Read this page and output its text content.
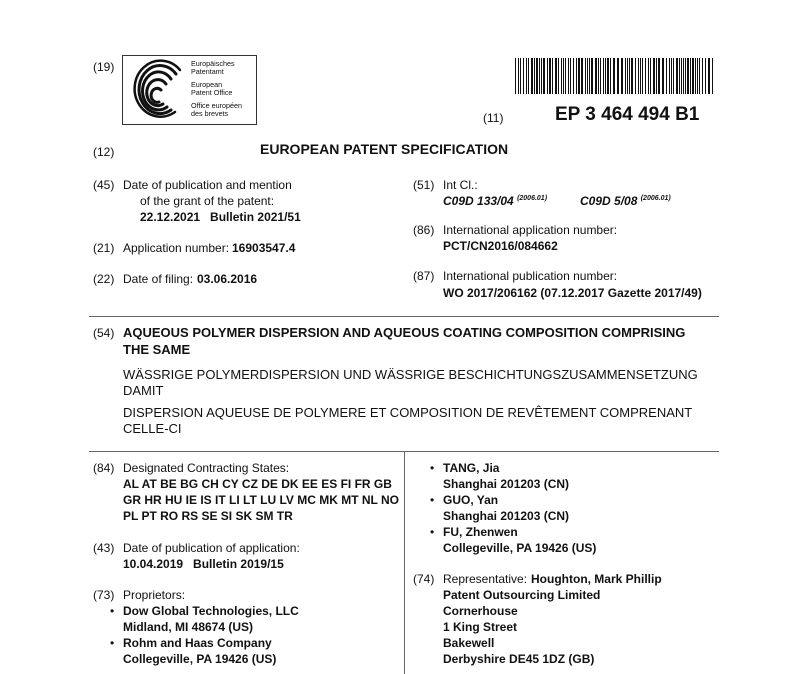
(19)	Europäisches
Patentamt
European
Patent Office
Office européen
des brevets	(11)	EP 3 464 494 B1
(12)	EUROPEAN PATENT SPECIFICATION
(45) Date of publication and mention
of the grant of the patent:
22.12.2021   Bulletin 2021/51
(21) Application number: 16903547.4
(22) Date of filing: 03.06.2016
(51) Int Cl.:
C09D 133/04 $^{(2006.01)}$	C09D 5/08 $^{(2006.01)}$
(86) International application number:
PCT/CN2016/084662
(87) International publication number:
WO 2017/206162 (07.12.2017 Gazette 2017/49)
(54) AQUEOUS POLYMER DISPERSION AND AQUEOUS COATING COMPOSITION COMPRISING
THE SAME
WÄSSRIGE POLYMERDISPERSION UND WÄSSRIGE BESCHICHTUNGSZUSAMMENSETZUNG
DAMIT
DISPERSION AQUEUSE DE POLYMERE ET COMPOSITION DE REVÊTEMENT COMPRENANT
CELLE-CI
(84) Designated Contracting States:
AL AT BE BG CH CY CZ DE DK EE ES FI FR GB
GR HR HU IE IS IT LI LT LU LV MC MK MT NL NO
PL PT RO RS SE SI SK SM TR
(43) Date of publication of application:
10.04.2019   Bulletin 2019/15
(73) Proprietors:
• Dow Global Technologies, LLC
Midland, MI 48674 (US)
• Rohm and Haas Company
Collegeville, PA 19426 (US)
• TANG, Jia
Shanghai 201203 (CN)
• GUO, Yan
Shanghai 201203 (CN)
• FU, Zhenwen
Collegeville, PA 19426 (US)
(74) Representative: Houghton, Mark Phillip
Patent Outsourcing Limited
Cornerhouse
1 King Street
Bakewell
Derbyshire DE45 1DZ (GB)
